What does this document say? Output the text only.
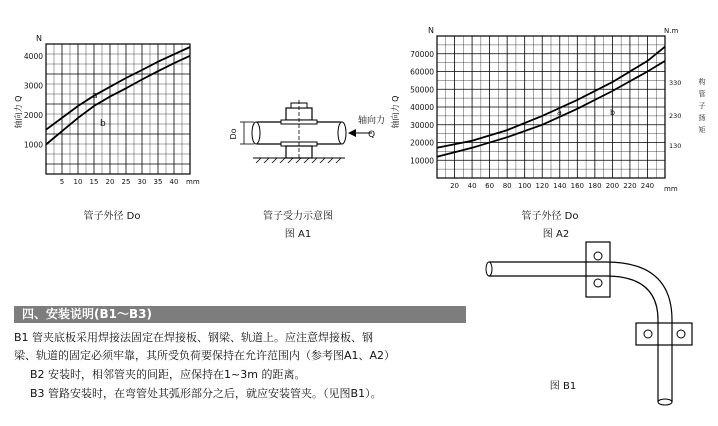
5 10 15 20 25 30 35 40
1000
2000
3000
4000
N
mm
轴向力 Q	a
b
管子外径 Do
Do
轴向力
Q
管子受力示意图
图 A1
20 40 60 80 100 120 140 160 180 200 220 240
10000
20000
30000
40000
50000
60000
70000
130
230
330
N	N.m
mm
轴向力 Q	a	b
构管子扬矩
管子外径 Do
图 A2
图 B1
四、安装说明(B1～B3)
B1 管夹底板采用焊接法固定在焊接板、钢梁、轨道上。应注意焊接板、钢
梁、轨道的固定必须牢靠，其所受负荷要保持在允许范围内（参考图A1、A2）
B2 安装时，相邻管夹的间距，应保持在1~3m 的距离。
B3 管路安装时，在弯管处其弧形部分之后，就应安装管夹。（见图B1）。
